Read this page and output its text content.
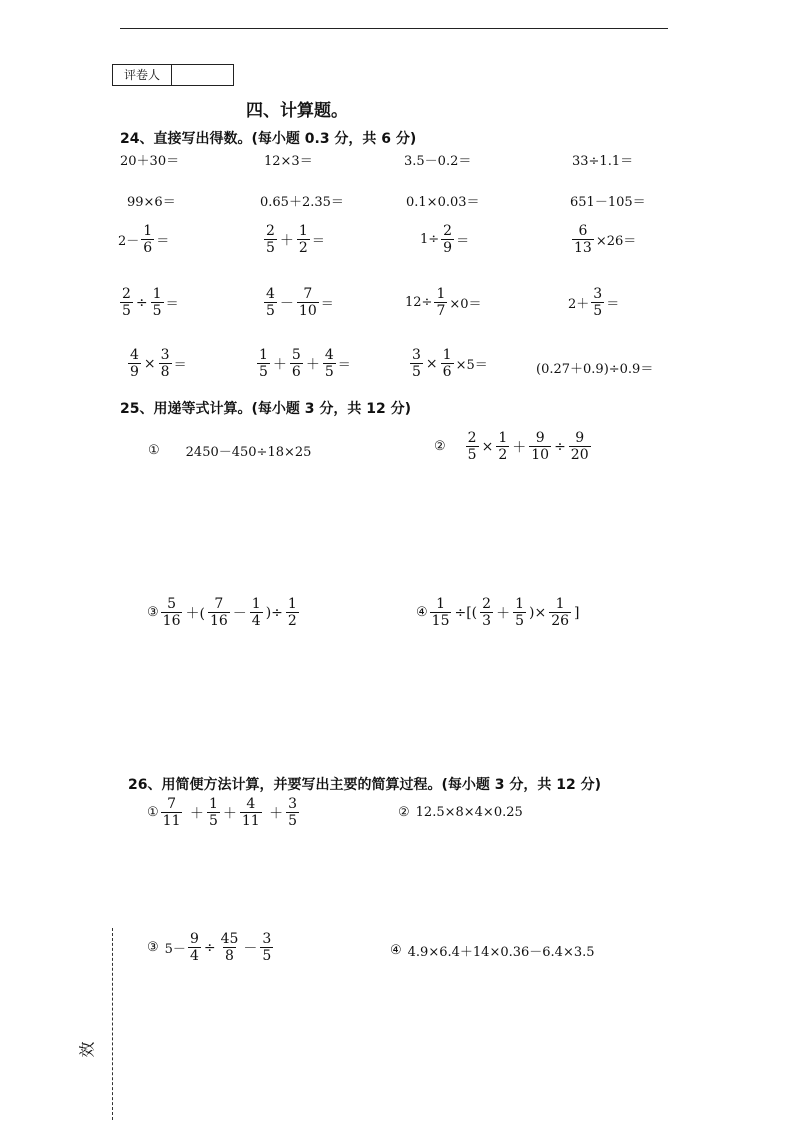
评卷人
四、计算题。
24、直接写出得数。(每小题 0.3 分，共 6 分)
20＋30＝	12×3＝	3.5－0.2＝	33÷1.1＝
99×6＝	0.65＋2.35＝	0.1×0.03＝	651－105＝
$2- \frac{1}{6}$ ＝	$\frac{2}{5} + \frac{1}{2}$ ＝	$1\div \frac{2}{9}$ ＝	$\frac{6}{13} \times 26=$
$\frac{2}{5} \div \frac{1}{5}$ ＝	$\frac{4}{5} - \frac{7}{10}$ ＝	$12\div \frac{1}{7} \times 0=$	$2+ \frac{3}{5}$ ＝
$\frac{4}{9} \times \frac{3}{8}$ ＝	$\frac{1}{5} + \frac{5}{6} + \frac{4}{5}$ ＝	$\frac{3}{5} \times \frac{1}{6} \times 5=$	(0.27＋0.9)÷0.9＝
25、用递等式计算。(每小题 3 分，共 12 分)
① 2450－450÷18×25	② $\frac{2}{5} \times \frac{1}{2} + \frac{9}{10} \div \frac{9}{20}$
③ $\frac{5}{16}$ ＋( $\frac{7}{16} - \frac{1}{4}$ )÷ $\frac{1}{2}$	④ $\frac{1}{15}$ ÷[( $\frac{2}{3} + \frac{1}{5}$ )× $\frac{1}{26}$ ]
26、用简便方法计算，并要写出主要的简算过程。(每小题 3 分，共 12 分)
① $\frac{7}{11} + \frac{1}{5} + \frac{4}{11} + \frac{3}{5}$	② 12.5×8×4×0.25
③ $5- \frac{9}{4} \div \frac{45}{8} - \frac{3}{5}$	④ 4.9×6.4＋14×0.36－6.4×3.5
效
